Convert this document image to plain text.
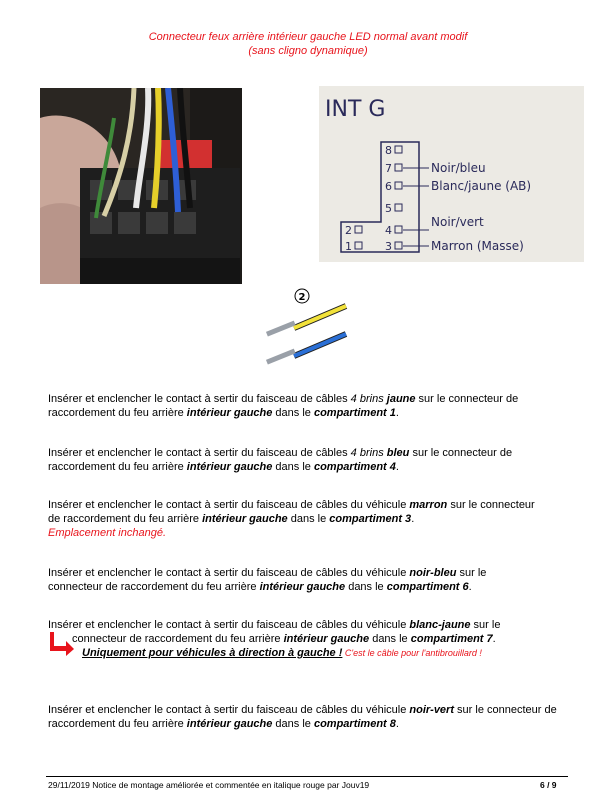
Connecteur feux arrière intérieur gauche LED normal avant modif
(sans cligno dynamique)
INT G
8
7
6
5
4
3
2
1
Noir/bleu
Blanc/jaune (AB)
Noir/vert
Marron (Masse)
2
Insérer et enclencher le contact à sertir du faisceau de câbles 4 brins jaune sur le connecteur de
raccordement du feu arrière intérieur gauche dans le compartiment 1.
Insérer et enclencher le contact à sertir du faisceau de câbles 4 brins bleu sur le connecteur de
raccordement du feu arrière intérieur gauche dans le compartiment 4.
Insérer et enclencher le contact à sertir du faisceau de câbles du véhicule marron sur le connecteur
de raccordement du feu arrière intérieur gauche dans le compartiment 3.
Emplacement inchangé.
Insérer et enclencher le contact à sertir du faisceau de câbles du véhicule noir-bleu sur le
connecteur de raccordement du feu arrière intérieur gauche dans le compartiment 6.
Insérer et enclencher le contact à sertir du faisceau de câbles du véhicule blanc-jaune sur le
connecteur de raccordement du feu arrière intérieur gauche dans le compartiment 7.
Uniquement pour véhicules à direction à gauche ! C'est le câble pour l'antibrouillard !
Insérer et enclencher le contact à sertir du faisceau de câbles du véhicule noir-vert sur le connecteur de
raccordement du feu arrière intérieur gauche dans le compartiment 8.
29/11/2019 Notice de montage améliorée et commentée en italique rouge par Jouv19	6 / 9
